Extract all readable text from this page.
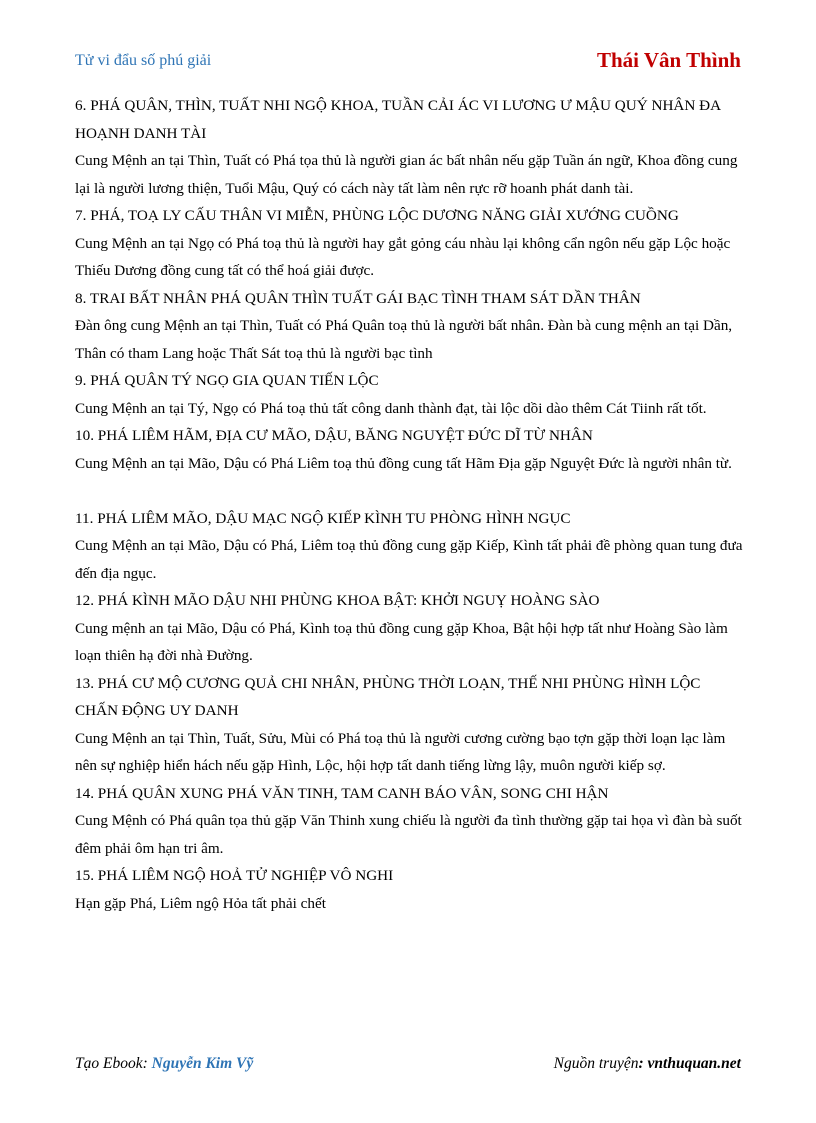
Tử vi đẩu số phú giải	Thái Vân Thình

6. PHÁ QUÂN, THÌN, TUẤT NHI NGỘ KHOA, TUẦN CẢI ÁC VI LƯƠNG Ư MẬU QUÝ NHÂN ĐA HOẠNH DANH TÀI

Cung Mệnh an tại Thìn, Tuất có Phá tọa thủ là người gian ác bất nhân nếu gặp Tuần án ngữ, Khoa đồng cung lại là người lương thiện, Tuổi Mậu, Quý có cách này tất làm nên rực rỡ hoanh phát danh tài.

7. PHÁ, TOẠ LY CẤU THÂN VI MIỄN, PHÙNG LỘC DƯƠNG NĂNG GIẢI XƯỚNG CUỒNG

Cung Mệnh an tại Ngọ có Phá toạ thủ là người hay gắt gỏng cáu nhàu lại không cẩn ngôn nếu gặp Lộc hoặc Thiếu Dương đồng cung tất có thể hoá giải được.

8. TRAI BẤT NHÂN PHÁ QUÂN THÌN TUẤT GÁI BẠC TÌNH THAM SÁT DẦN THÂN

Đàn ông cung Mệnh an tại Thìn, Tuất có Phá Quân toạ thủ là người bất nhân. Đàn bà cung mệnh an tại Dần, Thân có tham Lang hoặc Thất Sát toạ thủ là người bạc tình

9. PHÁ QUÂN TÝ NGỌ GIA QUAN TIẾN LỘC

Cung Mệnh an tại Tý, Ngọ có Phá toạ thủ tất công danh thành đạt, tài lộc dồi dào thêm Cát Tiinh rất tốt.

10. PHÁ LIÊM HÃM, ĐỊA CƯ MÃO, DẬU, BĂNG NGUYỆT ĐỨC DĨ TỪ NHÂN

Cung Mệnh an tại Mão, Dậu có Phá Liêm toạ thủ đồng cung tất Hãm Địa gặp Nguyệt Đức là người nhân từ.

11. PHÁ LIÊM MÃO, DẬU MẠC NGỘ KIẾP KÌNH TU PHÒNG HÌNH NGỤC

Cung Mệnh an tại Mão, Dậu có Phá, Liêm toạ thủ đồng cung gặp Kiếp, Kình tất phải đề phòng quan tung đưa đến địa ngục.

12. PHÁ KÌNH MÃO DẬU NHI PHÙNG KHOA BẬT: KHỞI NGUỴ HOÀNG SÀO

Cung mệnh an tại Mão, Dậu có Phá, Kình toạ thủ đồng cung gặp Khoa, Bật hội hợp tất như Hoàng Sào làm loạn thiên hạ đời nhà Đường.

13. PHÁ CƯ MỘ CƯƠNG QUẢ CHI NHÂN, PHÙNG THỜI LOẠN, THẾ NHI PHÙNG HÌNH LỘC CHẤN ĐỘNG UY DANH

Cung Mệnh an tại Thìn, Tuất, Sửu, Mùi có Phá toạ thủ là người cương cường bạo tợn gặp thời loạn lạc làm nên sự nghiệp hiển hách nếu gặp Hình, Lộc, hội hợp tất danh tiếng lừng lậy, muôn người kiếp sợ.

14. PHÁ QUÂN XUNG PHÁ VĂN TINH, TAM CANH BÁO VÂN, SONG CHI HẬN

Cung Mệnh có Phá quân tọa thủ gặp Văn Thinh xung chiếu là người đa tình thường gặp tai họa vì đàn bà suốt đêm phải ôm hạn tri âm.

15. PHÁ LIÊM NGỘ HOẢ TỬ NGHIỆP VÔ NGHI

Hạn gặp Phá, Liêm ngộ Hỏa tất phải chết

Tạo Ebook: Nguyễn Kim Vỹ	Nguồn truyện: vnthuquan.net
